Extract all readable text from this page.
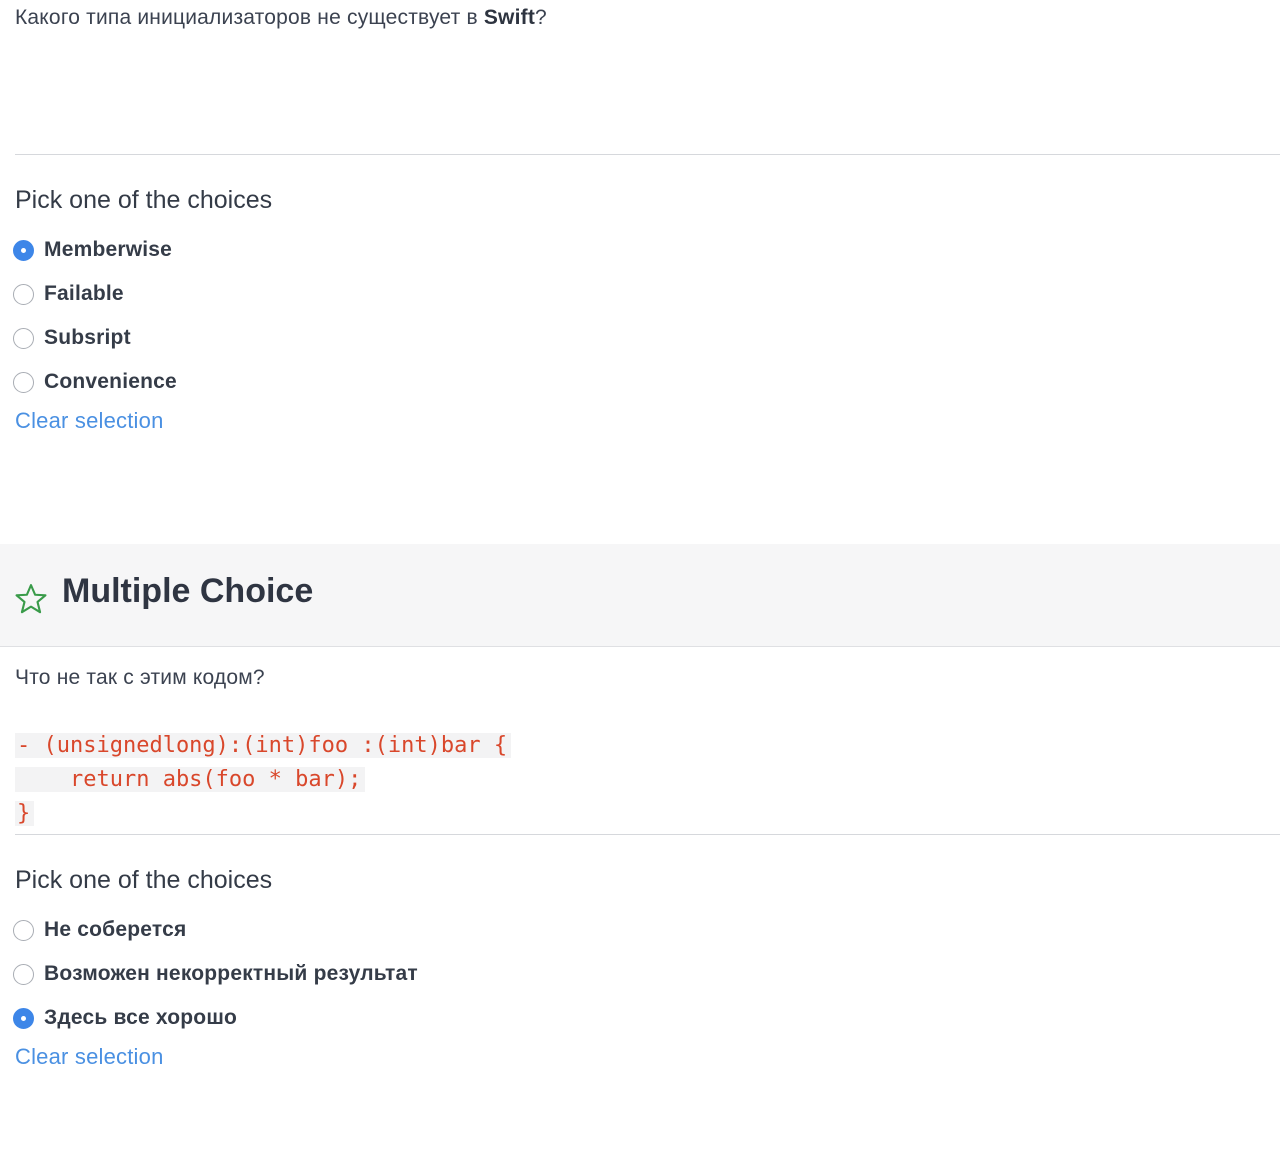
Какого типа инициализаторов не существует в Swift?
Pick one of the choices
Memberwise
Failable
Subsript
Convenience
Clear selection
Multiple Choice
Что не так с этим кодом?
- (unsignedlong):(int)foo :(int)bar {
return abs(foo * bar);
}
Pick one of the choices
Не соберется
Возможен некорректный результат
Здесь все хорошо
Clear selection
